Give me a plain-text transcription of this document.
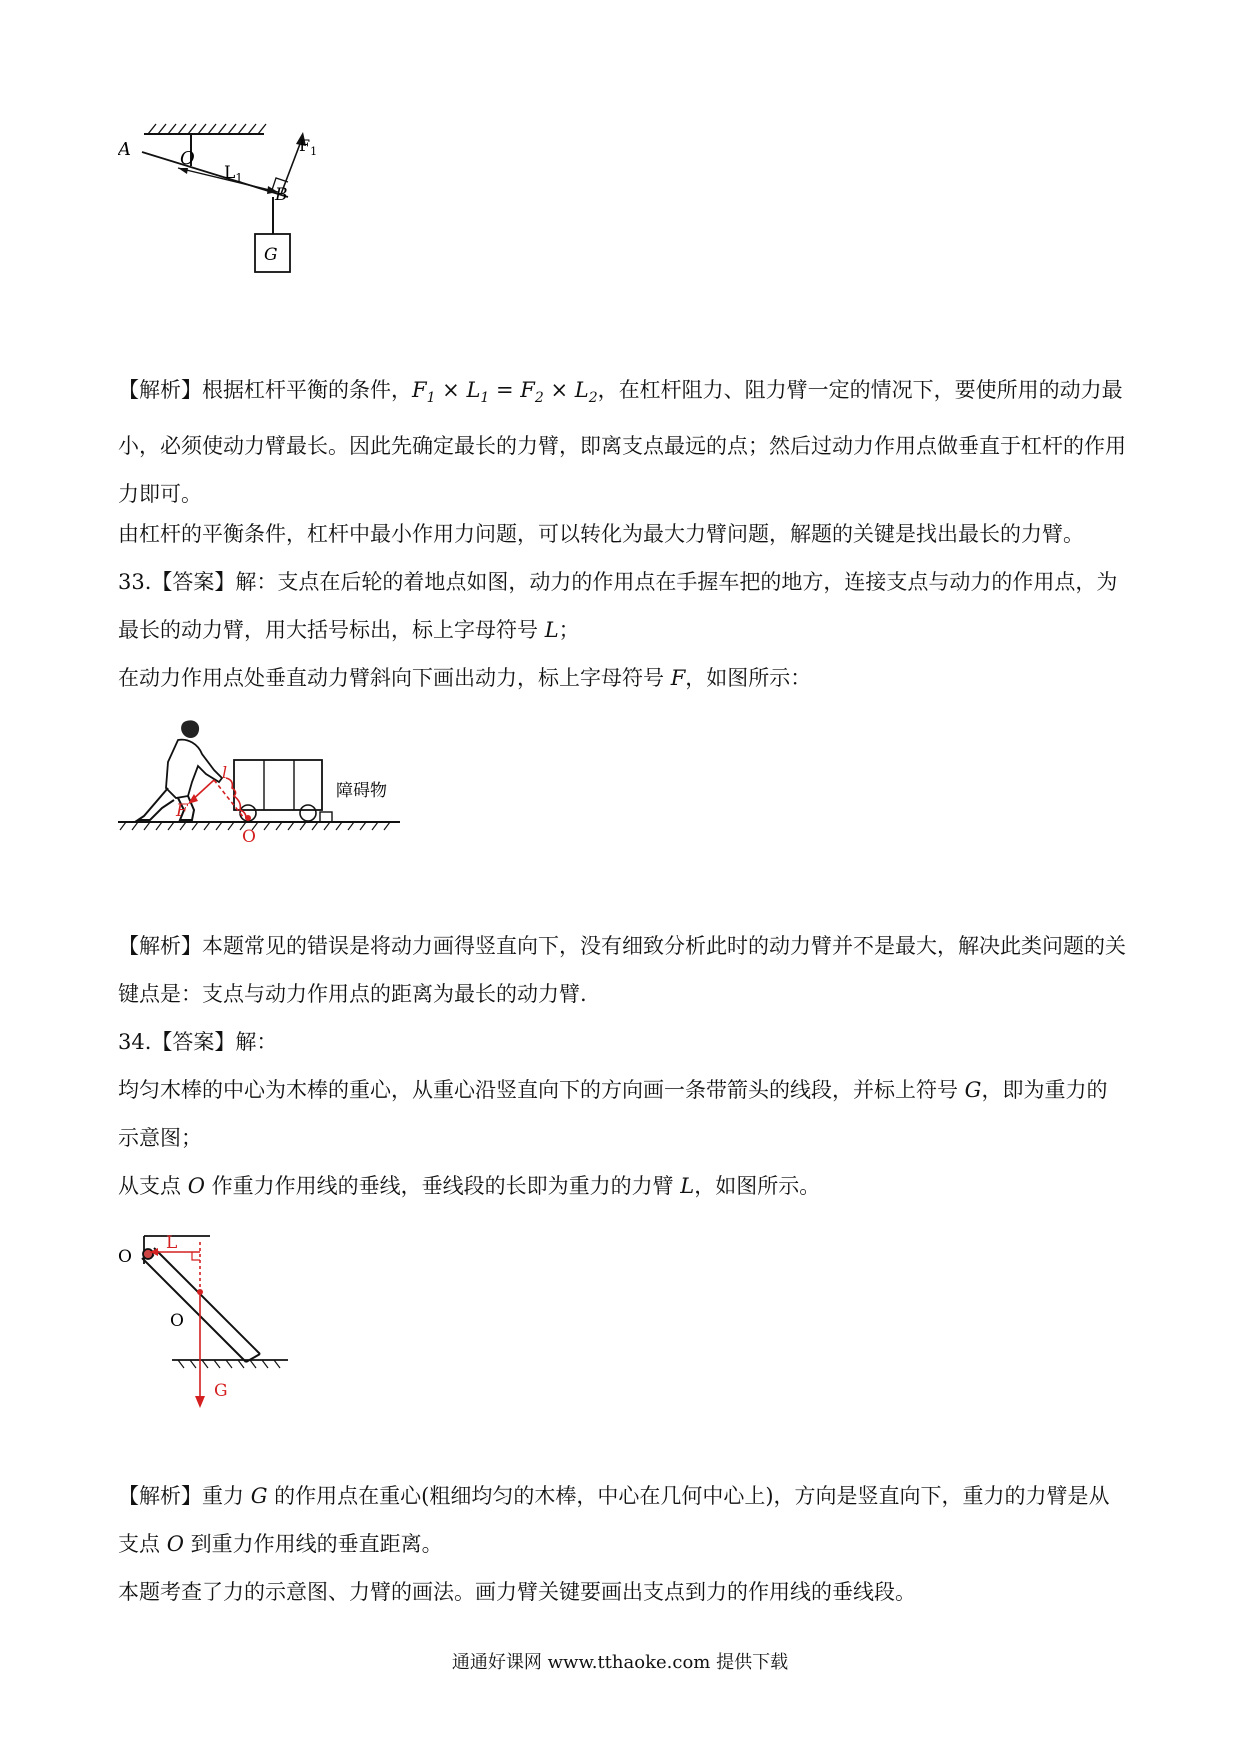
A	O
$L_1$
B
$F_1$
G

【解析】根据杠杆平衡的条件，$F_1 \times L_1 = F_2 \times L_2$，在杠杆阻力、阻力臂一定的情况下，要使所用的动力最小，必须使动力臂最长。因此先确定最长的力臂，即离支点最远的点；然后过动力作用点做垂直于杠杆的作用力即可。

由杠杆的平衡条件，杠杆中最小作用力问题，可以转化为最大力臂问题，解题的关键是找出最长的力臂。

33.【答案】解：支点在后轮的着地点如图，动力的作用点在手握车把的地方，连接支点与动力的作用点，为最长的动力臂，用大括号标出，标上字母符号 L；

在动力作用点处垂直动力臂斜向下画出动力，标上字母符号 F，如图所示：

F
l
O
障碍物

【解析】本题常见的错误是将动力画得竖直向下，没有细致分析此时的动力臂并不是最大，解决此类问题的关键点是：支点与动力作用点的距离为最长的动力臂.

34.【答案】解：

均匀木棒的中心为木棒的重心，从重心沿竖直向下的方向画一条带箭头的线段，并标上符号 G，即为重力的示意图；

从支点 O 作重力作用线的垂线，垂线段的长即为重力的力臂 L，如图所示。

O
L
O
G

【解析】重力 G 的作用点在重心(粗细均匀的木棒，中心在几何中心上)，方向是竖直向下，重力的力臂是从支点 O 到重力作用线的垂直距离。

本题考查了力的示意图、力臂的画法。画力臂关键要画出支点到力的作用线的垂线段。

通通好课网 www.tthaoke.com 提供下载
